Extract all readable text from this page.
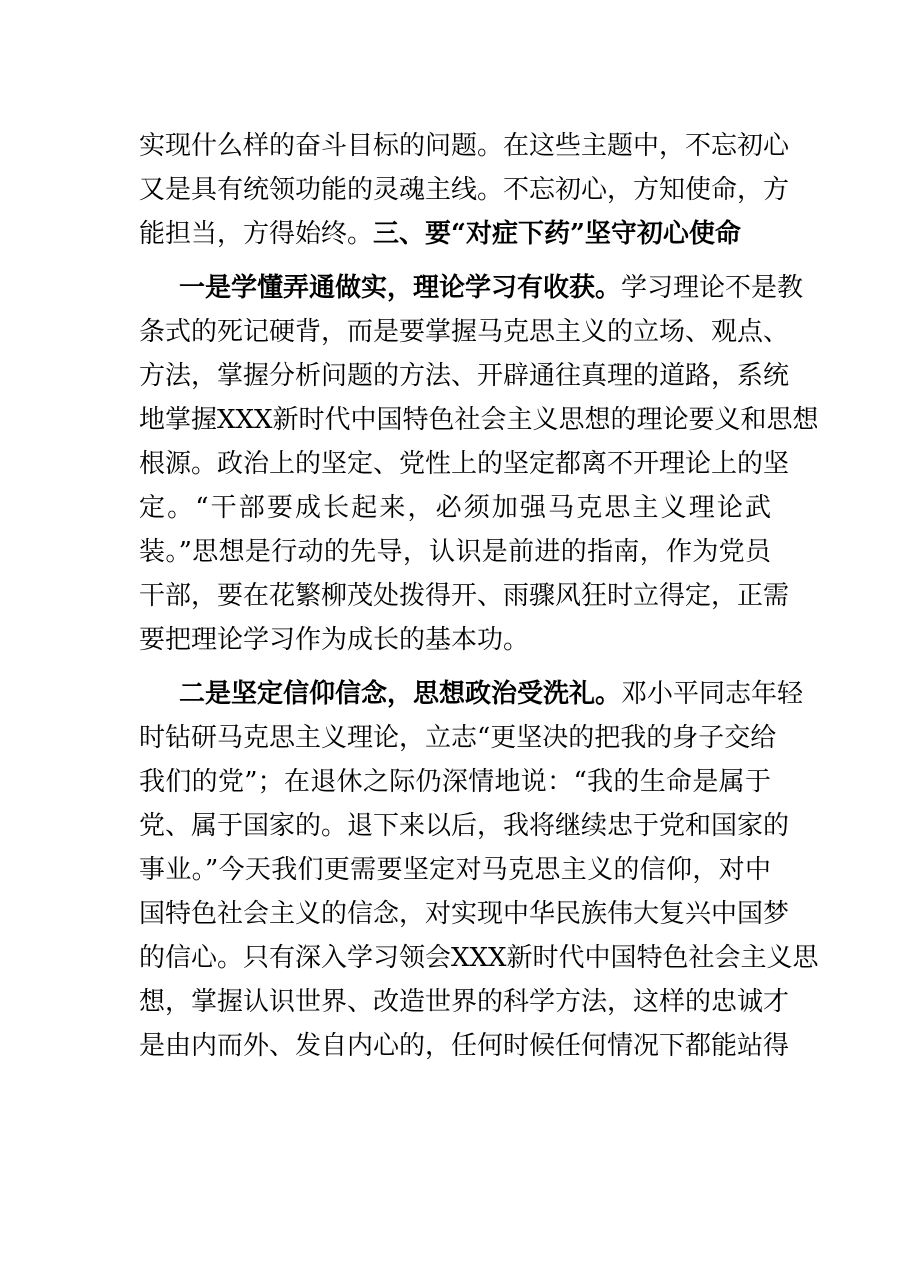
实现什么样的奋斗目标的问题。在这些主题中，不忘初心
又是具有统领功能的灵魂主线。不忘初心，方知使命，方
能担当，方得始终。三、要“对症下药”坚守初心使命
一是学懂弄通做实，理论学习有收获。学习理论不是教
条式的死记硬背，而是要掌握马克思主义的立场、观点、
方法，掌握分析问题的方法、开辟通往真理的道路，系统
地掌握XXX新时代中国特色社会主义思想的理论要义和思想
根源。政治上的坚定、党性上的坚定都离不开理论上的坚
定。“干部要成长起来，必须加强马克思主义理论武
装。”思想是行动的先导，认识是前进的指南，作为党员
干部，要在花繁柳茂处拨得开、雨骤风狂时立得定，正需
要把理论学习作为成长的基本功。
二是坚定信仰信念，思想政治受洗礼。邓小平同志年轻
时钻研马克思主义理论，立志“更坚决的把我的身子交给
我们的党”；在退休之际仍深情地说：“我的生命是属于
党、属于国家的。退下来以后，我将继续忠于党和国家的
事业。”今天我们更需要坚定对马克思主义的信仰，对中
国特色社会主义的信念，对实现中华民族伟大复兴中国梦
的信心。只有深入学习领会XXX新时代中国特色社会主义思
想，掌握认识世界、改造世界的科学方法，这样的忠诚才
是由内而外、发自内心的，任何时候任何情况下都能站得
